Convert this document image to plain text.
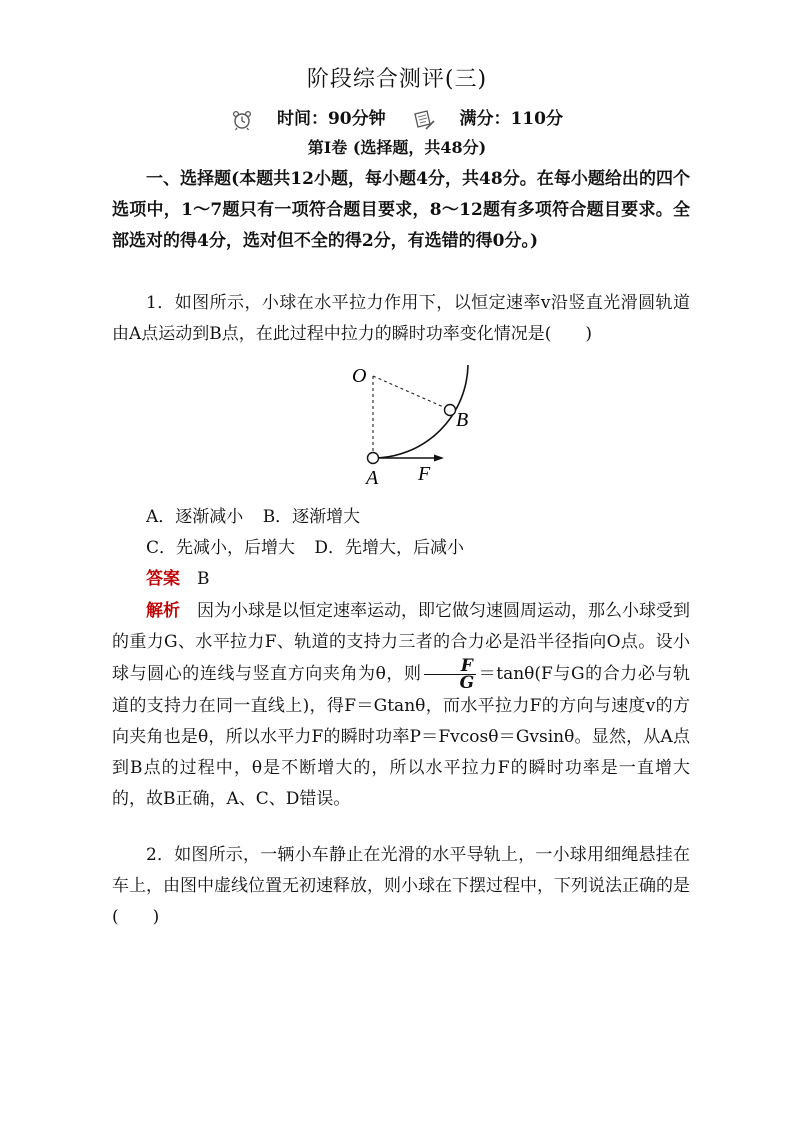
阶段综合测评(三)
时间：90分钟	满分：110分
第Ⅰ卷 (选择题，共48分)
一、选择题(本题共12小题，每小题4分，共48分。在每小题给出的四个选项中，1～7题只有一项符合题目要求，8～12题有多项符合题目要求。全部选对的得4分，选对但不全的得2分，有选错的得0分。)
1．如图所示，小球在水平拉力作用下，以恒定速率v沿竖直光滑圆轨道由A点运动到B点，在此过程中拉力的瞬时功率变化情况是(　　)
O
B
A F
A．逐渐减小 B．逐渐增大
C．先减小，后增大 D．先增大，后减小
答案　 B
解析　 因为小球是以恒定速率运动，即它做匀速圆周运动，那么小球受到的重力G、水平拉力F、轨道的支持力三者的合力必是沿半径指向O点。设小球与圆心的连线与竖直方向夹角为θ，则 $\frac{F}{G} =\tan\theta(F$与G的合力必与轨道的支持力在同一直线上)，得F＝Gtanθ，而水平拉力F的方向与速度v的方向夹角也是θ，所以水平力F的瞬时功率P＝Fvcosθ＝Gvsinθ。显然，从A点到B点的过程中，θ是不断增大的，所以水平拉力F的瞬时功率是一直增大的，故B正确，A、C、D错误。
2．如图所示，一辆小车静止在光滑的水平导轨上，一小球用细绳悬挂在车上，由图中虚线位置无初速释放，则小球在下摆过程中，下列说法正确的是(　　)
